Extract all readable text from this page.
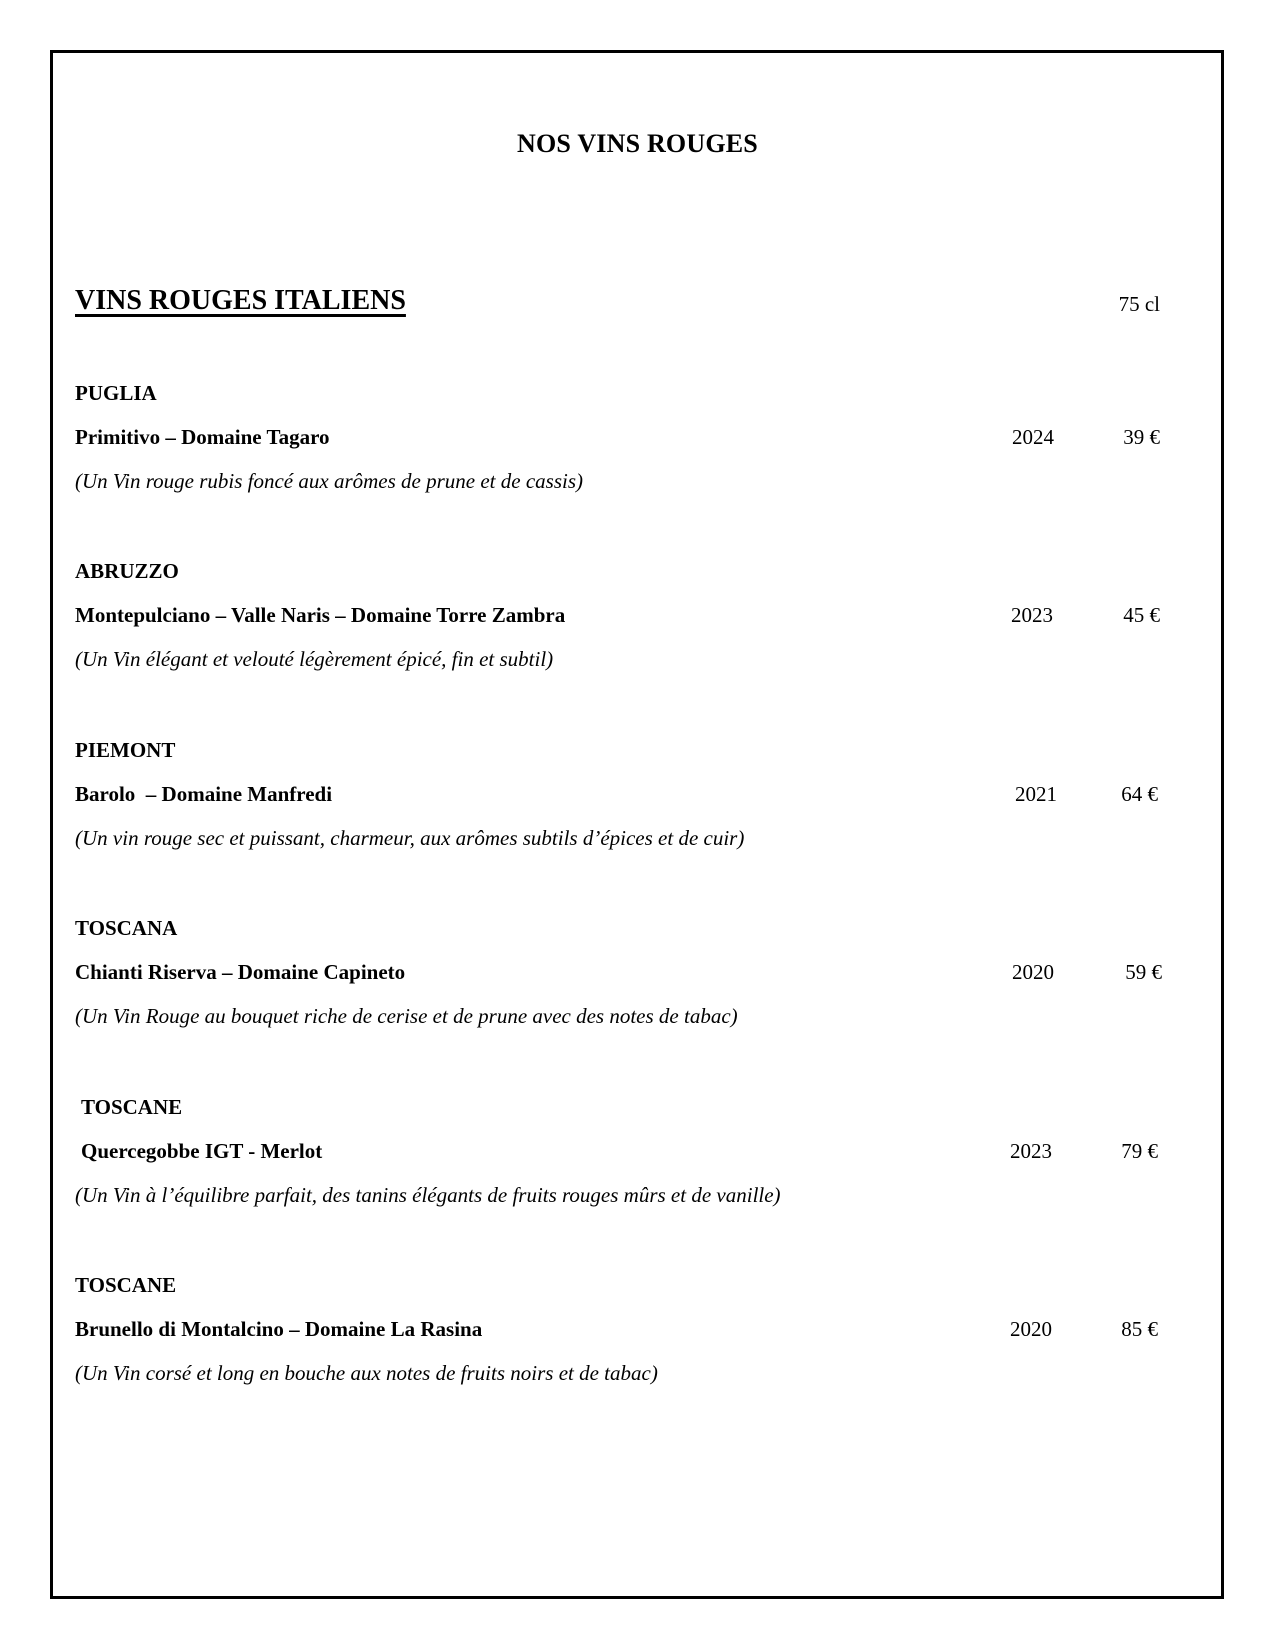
NOS VINS ROUGES
VINS ROUGES ITALIENS	75 cl
PUGLIA
Primitivo – Domaine Tagaro	2024	39 €
(Un Vin rouge rubis foncé aux arômes de prune et de cassis)
ABRUZZO
Montepulciano – Valle Naris – Domaine Torre Zambra	2023	45 €
(Un Vin élégant et velouté légèrement épicé, fin et subtil)
PIEMONT
Barolo  – Domaine Manfredi	2021	64 €
(Un vin rouge sec et puissant, charmeur, aux arômes subtils d’épices et de cuir)
TOSCANA
Chianti Riserva – Domaine Capineto	2020	59 €
(Un Vin Rouge au bouquet riche de cerise et de prune avec des notes de tabac)
TOSCANE
Quercegobbe IGT - Merlot	2023	79 €
(Un Vin à l’équilibre parfait, des tanins élégants de fruits rouges mûrs et de vanille)
TOSCANE
Brunello di Montalcino – Domaine La Rasina	2020	85 €
(Un Vin corsé et long en bouche aux notes de fruits noirs et de tabac)
